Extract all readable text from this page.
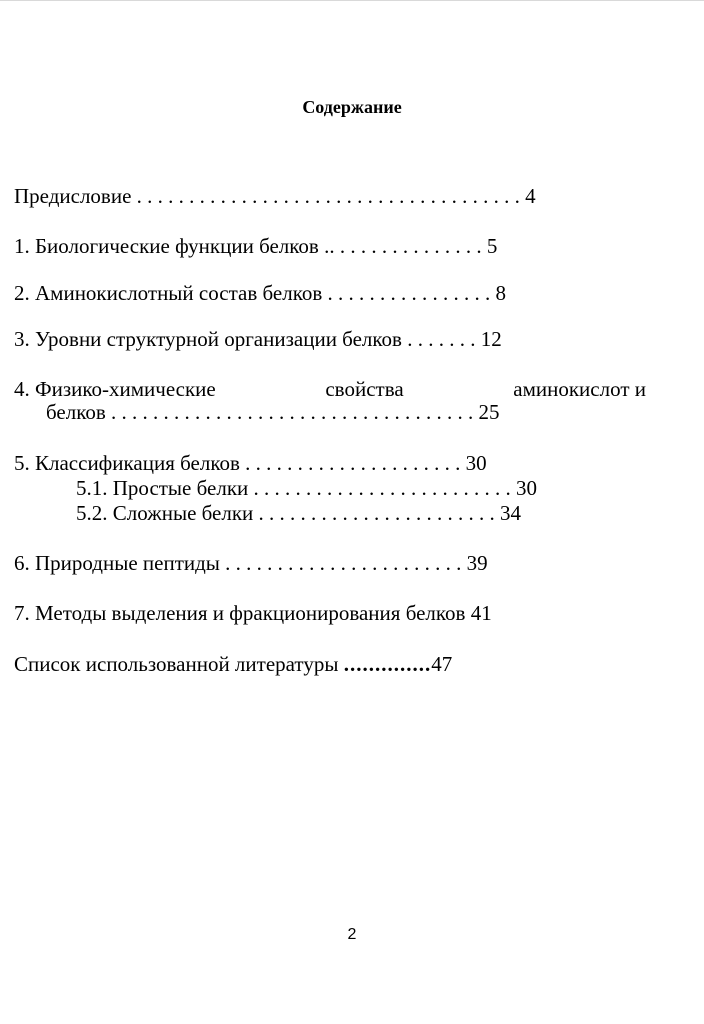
Содержание
Предисловие . . . . . . . . . . . . . . . . . . . . . . . . . . . . . . . . . . . . . 4
1. Биологические функции белков .. . . . . . . . . . . . . . . 5
2. Аминокислотный состав белков . . . . . . . . . . . . . . . . 8
3. Уровни структурной организации белков . . . . . . . 12
4. Физико-химические	свойства	аминокислот и
белков . . . . . . . . . . . . . . . . . . . . . . . . . . . . . . . . . . . 25
5. Классификация белков . . . . . . . . . . . . . . . . . . . . . 30
5.1. Простые белки . . . . . . . . . . . . . . . . . . . . . . . . . 30
5.2. Сложные белки . . . . . . . . . . . . . . . . . . . . . . . 34
6. Природные пептиды . . . . . . . . . . . . . . . . . . . . . . . 39
7. Методы выделения и фракционирования белков 41
Список использованной литературы ..............47
2
